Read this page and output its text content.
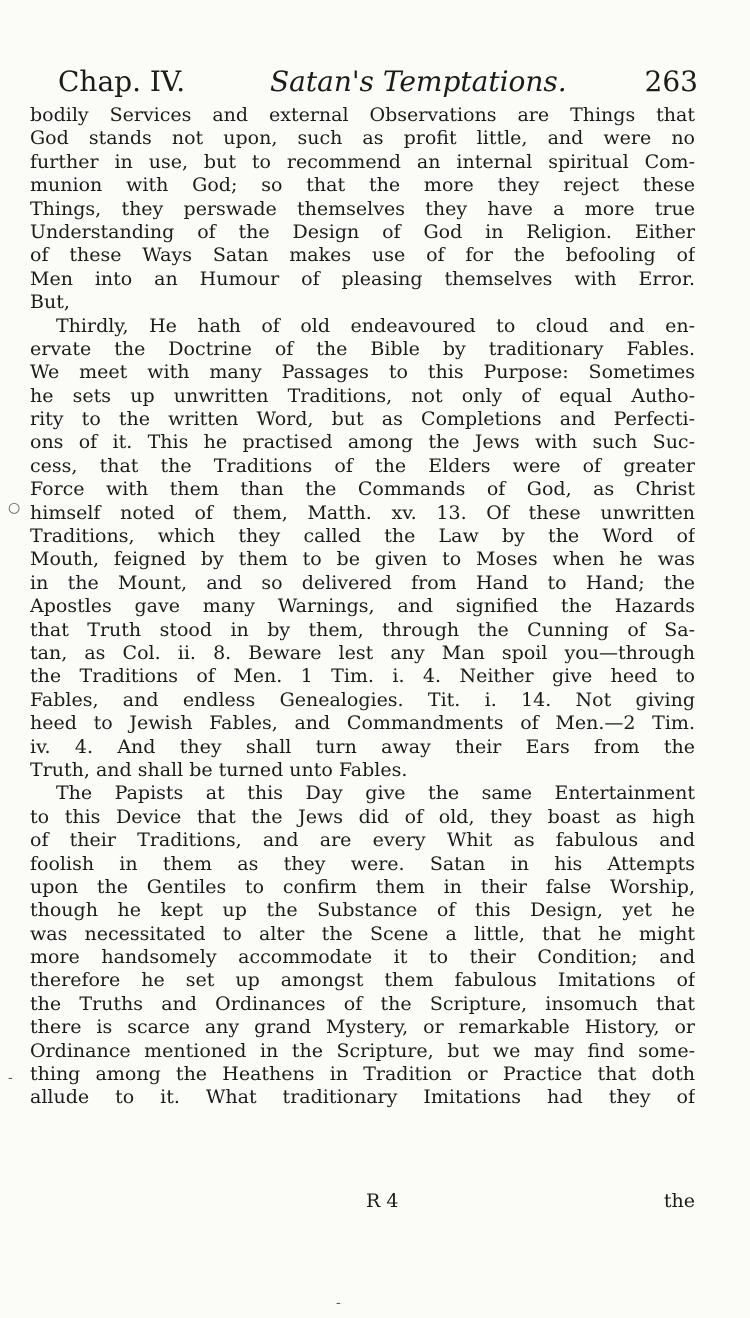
Chap. IV.	Satan's Temptations.	263
bodily Services and external Observations are Things that
God stands not upon, such as profit little, and were no
further in use, but to recommend an internal spiritual Com-
munion with God; so that the more they reject these
Things, they perswade themselves they have a more true
Understanding of the Design of God in Religion. Either
of these Ways Satan makes use of for the befooling of
Men into an Humour of pleasing themselves with Error.
But,
Thirdly, He hath of old endeavoured to cloud and en-
ervate the Doctrine of the Bible by traditionary Fables.
We meet with many Passages to this Purpose: Sometimes
he sets up unwritten Traditions, not only of equal Autho-
rity to the written Word, but as Completions and Perfecti-
ons of it. This he practised among the Jews with such Suc-
cess, that the Traditions of the Elders were of greater
Force with them than the Commands of God, as Christ
himself noted of them, Matth. xv. 13. Of these unwritten
Traditions, which they called the Law by the Word of
Mouth, feigned by them to be given to Moses when he was
in the Mount, and so delivered from Hand to Hand; the
Apostles gave many Warnings, and signified the Hazards
that Truth stood in by them, through the Cunning of Sa-
tan, as Col. ii. 8. Beware lest any Man spoil you—through
the Traditions of Men. 1 Tim. i. 4. Neither give heed to
Fables, and endless Genealogies. Tit. i. 14. Not giving
heed to Jewish Fables, and Commandments of Men.—2 Tim.
iv. 4. And they shall turn away their Ears from the
Truth, and shall be turned unto Fables.
The Papists at this Day give the same Entertainment
to this Device that the Jews did of old, they boast as high
of their Traditions, and are every Whit as fabulous and
foolish in them as they were. Satan in his Attempts
upon the Gentiles to confirm them in their false Worship,
though he kept up the Substance of this Design, yet he
was necessitated to alter the Scene a little, that he might
more handsomely accommodate it to their Condition; and
therefore he set up amongst them fabulous Imitations of
the Truths and Ordinances of the Scripture, insomuch that
there is scarce any grand Mystery, or remarkable History, or
Ordinance mentioned in the Scripture, but we may find some-
thing among the Heathens in Tradition or Practice that doth
allude to it. What traditionary Imitations had they of
R 4	the
○
-
-
